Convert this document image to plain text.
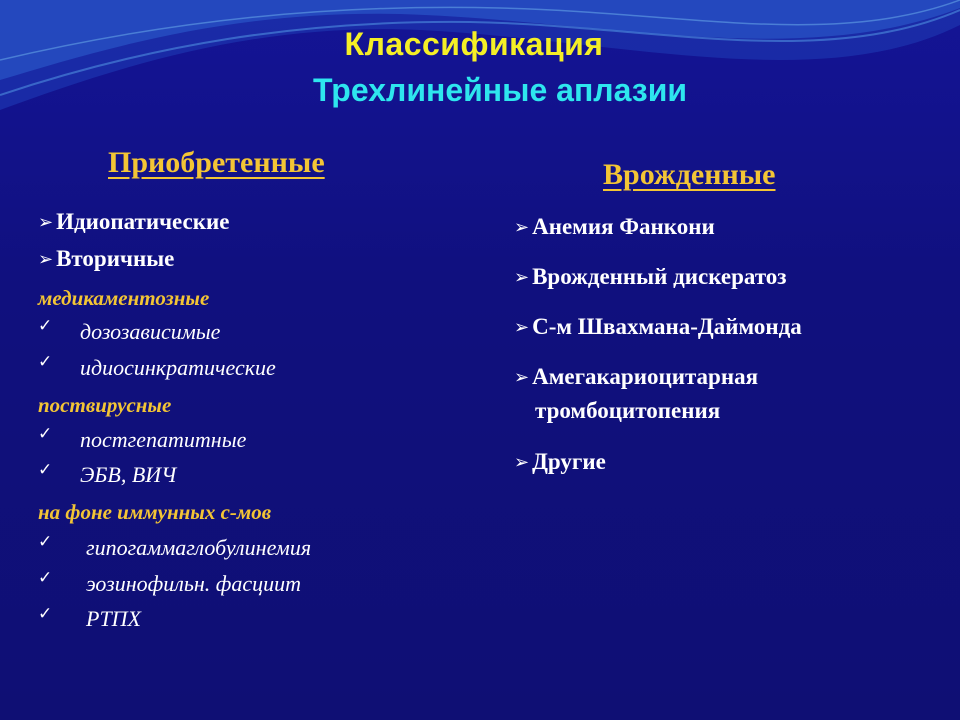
Классификация
Трехлинейные аплазии
Приобретенные
➢ Идиопатические
➢ Вторичные
медикаментозные
✓ дозозависимые
✓ идиосинкратические
поствирусные
✓ постгепатитные
✓ ЭБВ, ВИЧ
на фоне иммунных с-мов
✓ гипогаммаглобулинемия
✓ эозинофильн. фасциит
✓ РТПХ
Врожденные
➢ Анемия Фанкони
➢ Врожденный дискератоз
➢ С-м Швахмана-Даймонда
➢ Амегакариоцитарная
тромбоцитопения
➢ Другие
